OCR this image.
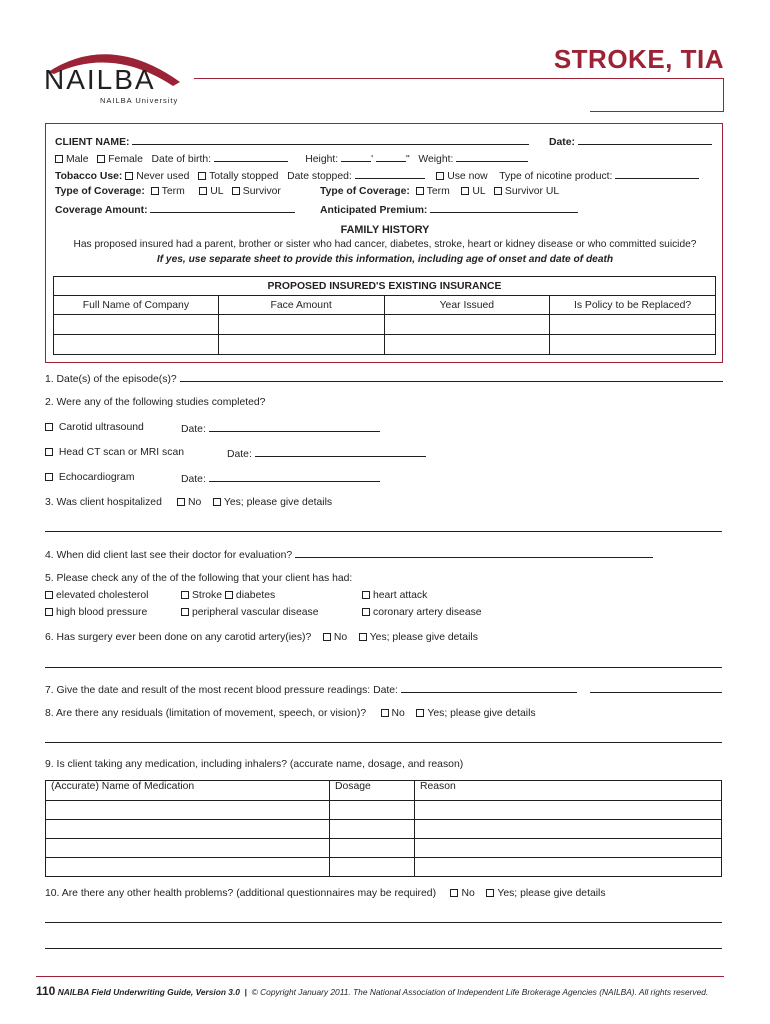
NAILBA
NAILBA University
STROKE, TIA
CLIENT NAME:	Date:
Male Female Date of birth:	Height:	'	" Weight:
Tobacco Use: Never used Totally stopped Date stopped:	Use now Type of nicotine product:
Type of Coverage: Term UL Survivor	Type of Coverage: Term UL Survivor UL
Coverage Amount:	Anticipated Premium:
FAMILY HISTORY
Has proposed insured had a parent, brother or sister who had cancer, diabetes, stroke, heart or kidney disease or who committed suicide?
If yes, use separate sheet to provide this information, including age of onset and date of death
PROPOSED INSURED'S EXISTING INSURANCE			
Full Name of Company	Face Amount	Year Issued	Is Policy to be Replaced?

1. Date(s) of the episode(s)?
2. Were any of the following studies completed?
Carotid ultrasound	Date:
Head CT scan or MRI scan	Date:
Echocardiogram	Date:
3. Was client hospitalized	No Yes; please give details
4. When did client last see their doctor for evaluation?
5. Please check any of the of the following that your client has had:
elevated cholesterol	Stroke diabetes	heart attack
high blood pressure	peripheral vascular disease	coronary artery disease
6. Has surgery ever been done on any carotid artery(ies)? No Yes; please give details
7. Give the date and result of the most recent blood pressure readings: Date:
8. Are there any residuals (limitation of movement, speech, or vision)? No Yes; please give details
9. Is client taking any medication, including inhalers? (accurate name, dosage, and reason)
(Accurate) Name of Medication	Dosage	Reason

10. Are there any other health problems? (additional questionnaires may be required) No Yes; please give details
110 NAILBA Field Underwriting Guide, Version 3.0 | © Copyright January 2011. The National Association of Independent Life Brokerage Agencies (NAILBA). All rights reserved.
